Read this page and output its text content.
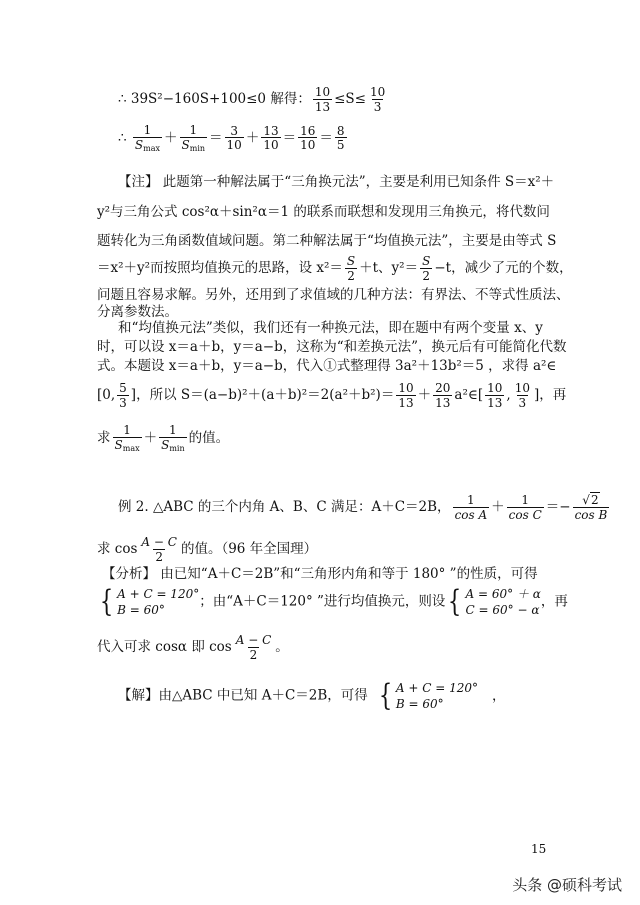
∴ 39S²−160S+100≤0 解得： $\frac{10}{13} \le S\le \frac{10}{3}$
∴ $\frac{1}{S_{max}} + \frac{1}{S_{min}} = \frac{3}{10} + \frac{13}{10} = \frac{16}{10} = \frac{8}{5}$
【注】 此题第一种解法属于“三角换元法”，主要是利用已知条件 S＝x²＋
y²与三角公式 cos²α＋sin²α＝1 的联系而联想和发现用三角换元，将代数问
题转化为三角函数值域问题。第二种解法属于“均值换元法”，主要是由等式 S
＝x²＋y²而按照均值换元的思路，设 $x^2= \frac{S}{2} +t$、$y^2= \frac{S}{2} -t$，减少了元的个数，
问题且容易求解。另外，还用到了求值域的几种方法：有界法、不等式性质法、
分离参数法。
和“均值换元法”类似，我们还有一种换元法，即在题中有两个变量 x、y
时，可以设 x＝a＋b，y＝a−b，这称为“和差换元法”，换元后有可能简化代数
式。本题设 x＝a＋b，y＝a−b，代入①式整理得 3a²＋13b²＝5 ，求得 a²∈
[0, $\frac{5}{3}$ ]，所以 $S=(a-b)^2+(a+b)^2=2(a^2+b^2)= \frac{10}{13} + \frac{20}{13}$ a²∈[ $\frac{10}{13}$ , $\frac{10}{3}$ ]，再
求 $\frac{1}{S_{max}} + \frac{1}{S_{min}}$ 的值。
例 2. △ABC 的三个内角 A、B、C 满足：A＋C＝2B， $\frac{1}{\text{cos A}} + \frac{1}{\text{cos C}} =- \frac{√2}{\text{cos B}}$
求 $\cos \frac{A - C}{2}$ 的值。（96 年全国理）
【分析】 由已知“A＋C＝2B”和“三角形内角和等于 180° ”的性质，可得
{ A + C = 120°
B = 60°
；由“A＋C＝120° ”进行均值换元，则设 { A = 60° ＋ α
C = 60° − α
，再
代入可求 cosα 即 $\cos \frac{A - C}{2}$ 。
【解】由△ABC 中已知 A＋C＝2B，可得 { A + C = 120°
B = 60°
，
15
头条 @硕科考试
